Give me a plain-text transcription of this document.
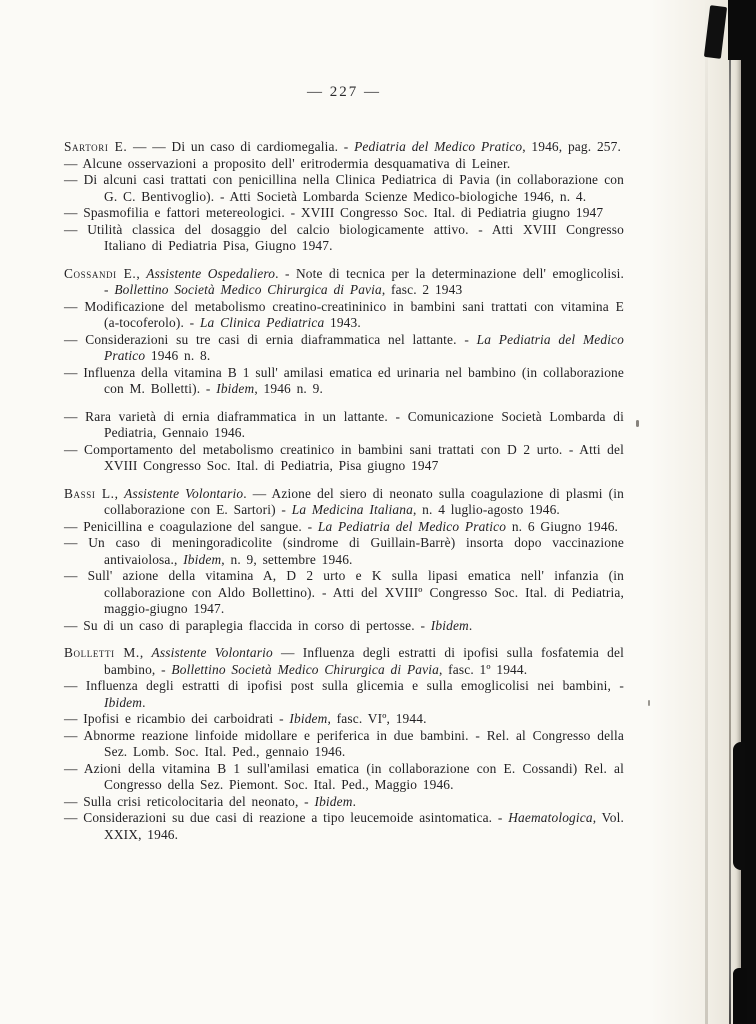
— 227 —

Sartori E. — — Di un caso di cardiomegalia. - Pediatria del Medico Pratico, 1946, pag. 257.

— Alcune osservazioni a proposito dell' eritrodermia desquamativa di Leiner.

— Di alcuni casi trattati con penicillina nella Clinica Pediatrica di Pavia (in collaborazione con G. C. Bentivoglio). - Atti Società Lombarda Scienze Medico-biologiche 1946, n. 4.

— Spasmofilia e fattori metereologici. - XVIII Congresso Soc. Ital. di Pediatria giugno 1947

— Utilità classica del dosaggio del calcio biologicamente attivo. - Atti XVIII Congresso Italiano di Pediatria Pisa, Giugno 1947.

Cossandi E., Assistente Ospedaliero. - Note di tecnica per la determinazione dell' emoglicolisi. - Bollettino Società Medico Chirurgica di Pavia, fasc. 2 1943

— Modificazione del metabolismo creatino-creatininico in bambini sani trattati con vitamina E (a-tocoferolo). - La Clinica Pediatrica 1943.

— Considerazioni su tre casi di ernia diaframmatica nel lattante. - La Pediatria del Medico Pratico 1946 n. 8.

— Influenza della vitamina B 1 sull' amilasi ematica ed urinaria nel bambino (in collaborazione con M. Bolletti). - Ibidem, 1946 n. 9.

— Rara varietà di ernia diaframmatica in un lattante. - Comunicazione Società Lombarda di Pediatria, Gennaio 1946.

— Comportamento del metabolismo creatinico in bambini sani trattati con D 2 urto. - Atti del XVIII Congresso Soc. Ital. di Pediatria, Pisa giugno 1947

Bassi L., Assistente Volontario. — Azione del siero di neonato sulla coagulazione di plasmi (in collaborazione con E. Sartori) - La Medicina Italiana, n. 4 luglio-agosto 1946.

— Penicillina e coagulazione del sangue. - La Pediatria del Medico Pratico n. 6 Giugno 1946.

— Un caso di meningoradicolite (sindrome di Guillain-Barrè) insorta dopo vaccinazione antivaiolosa., Ibidem, n. 9, settembre 1946.

— Sull' azione della vitamina A, D 2 urto e K sulla lipasi ematica nell' infanzia (in collaborazione con Aldo Bollettino). - Atti del XVIIIº Congresso Soc. Ital. di Pediatria, maggio-giugno 1947.

— Su di un caso di paraplegia flaccida in corso di pertosse. - Ibidem.

Bolletti M., Assistente Volontario — Influenza degli estratti di ipofisi sulla fosfatemia del bambino, - Bollettino Società Medico Chirurgica di Pavia, fasc. 1º 1944.

— Influenza degli estratti di ipofisi post sulla glicemia e sulla emoglicolisi nei bambini, - Ibidem.

— Ipofisi e ricambio dei carboidrati - Ibidem, fasc. VIº, 1944.

— Abnorme reazione linfoide midollare e periferica in due bambini. - Rel. al Congresso della Sez. Lomb. Soc. Ital. Ped., gennaio 1946.

— Azioni della vitamina B 1 sull'amilasi ematica (in collaborazione con E. Cossandi) Rel. al Congresso della Sez. Piemont. Soc. Ital. Ped., Maggio 1946.

— Sulla crisi reticolocitaria del neonato, - Ibidem.

— Considerazioni su due casi di reazione a tipo leucemoide asintomatica. - Haematologica, Vol. XXIX, 1946.
